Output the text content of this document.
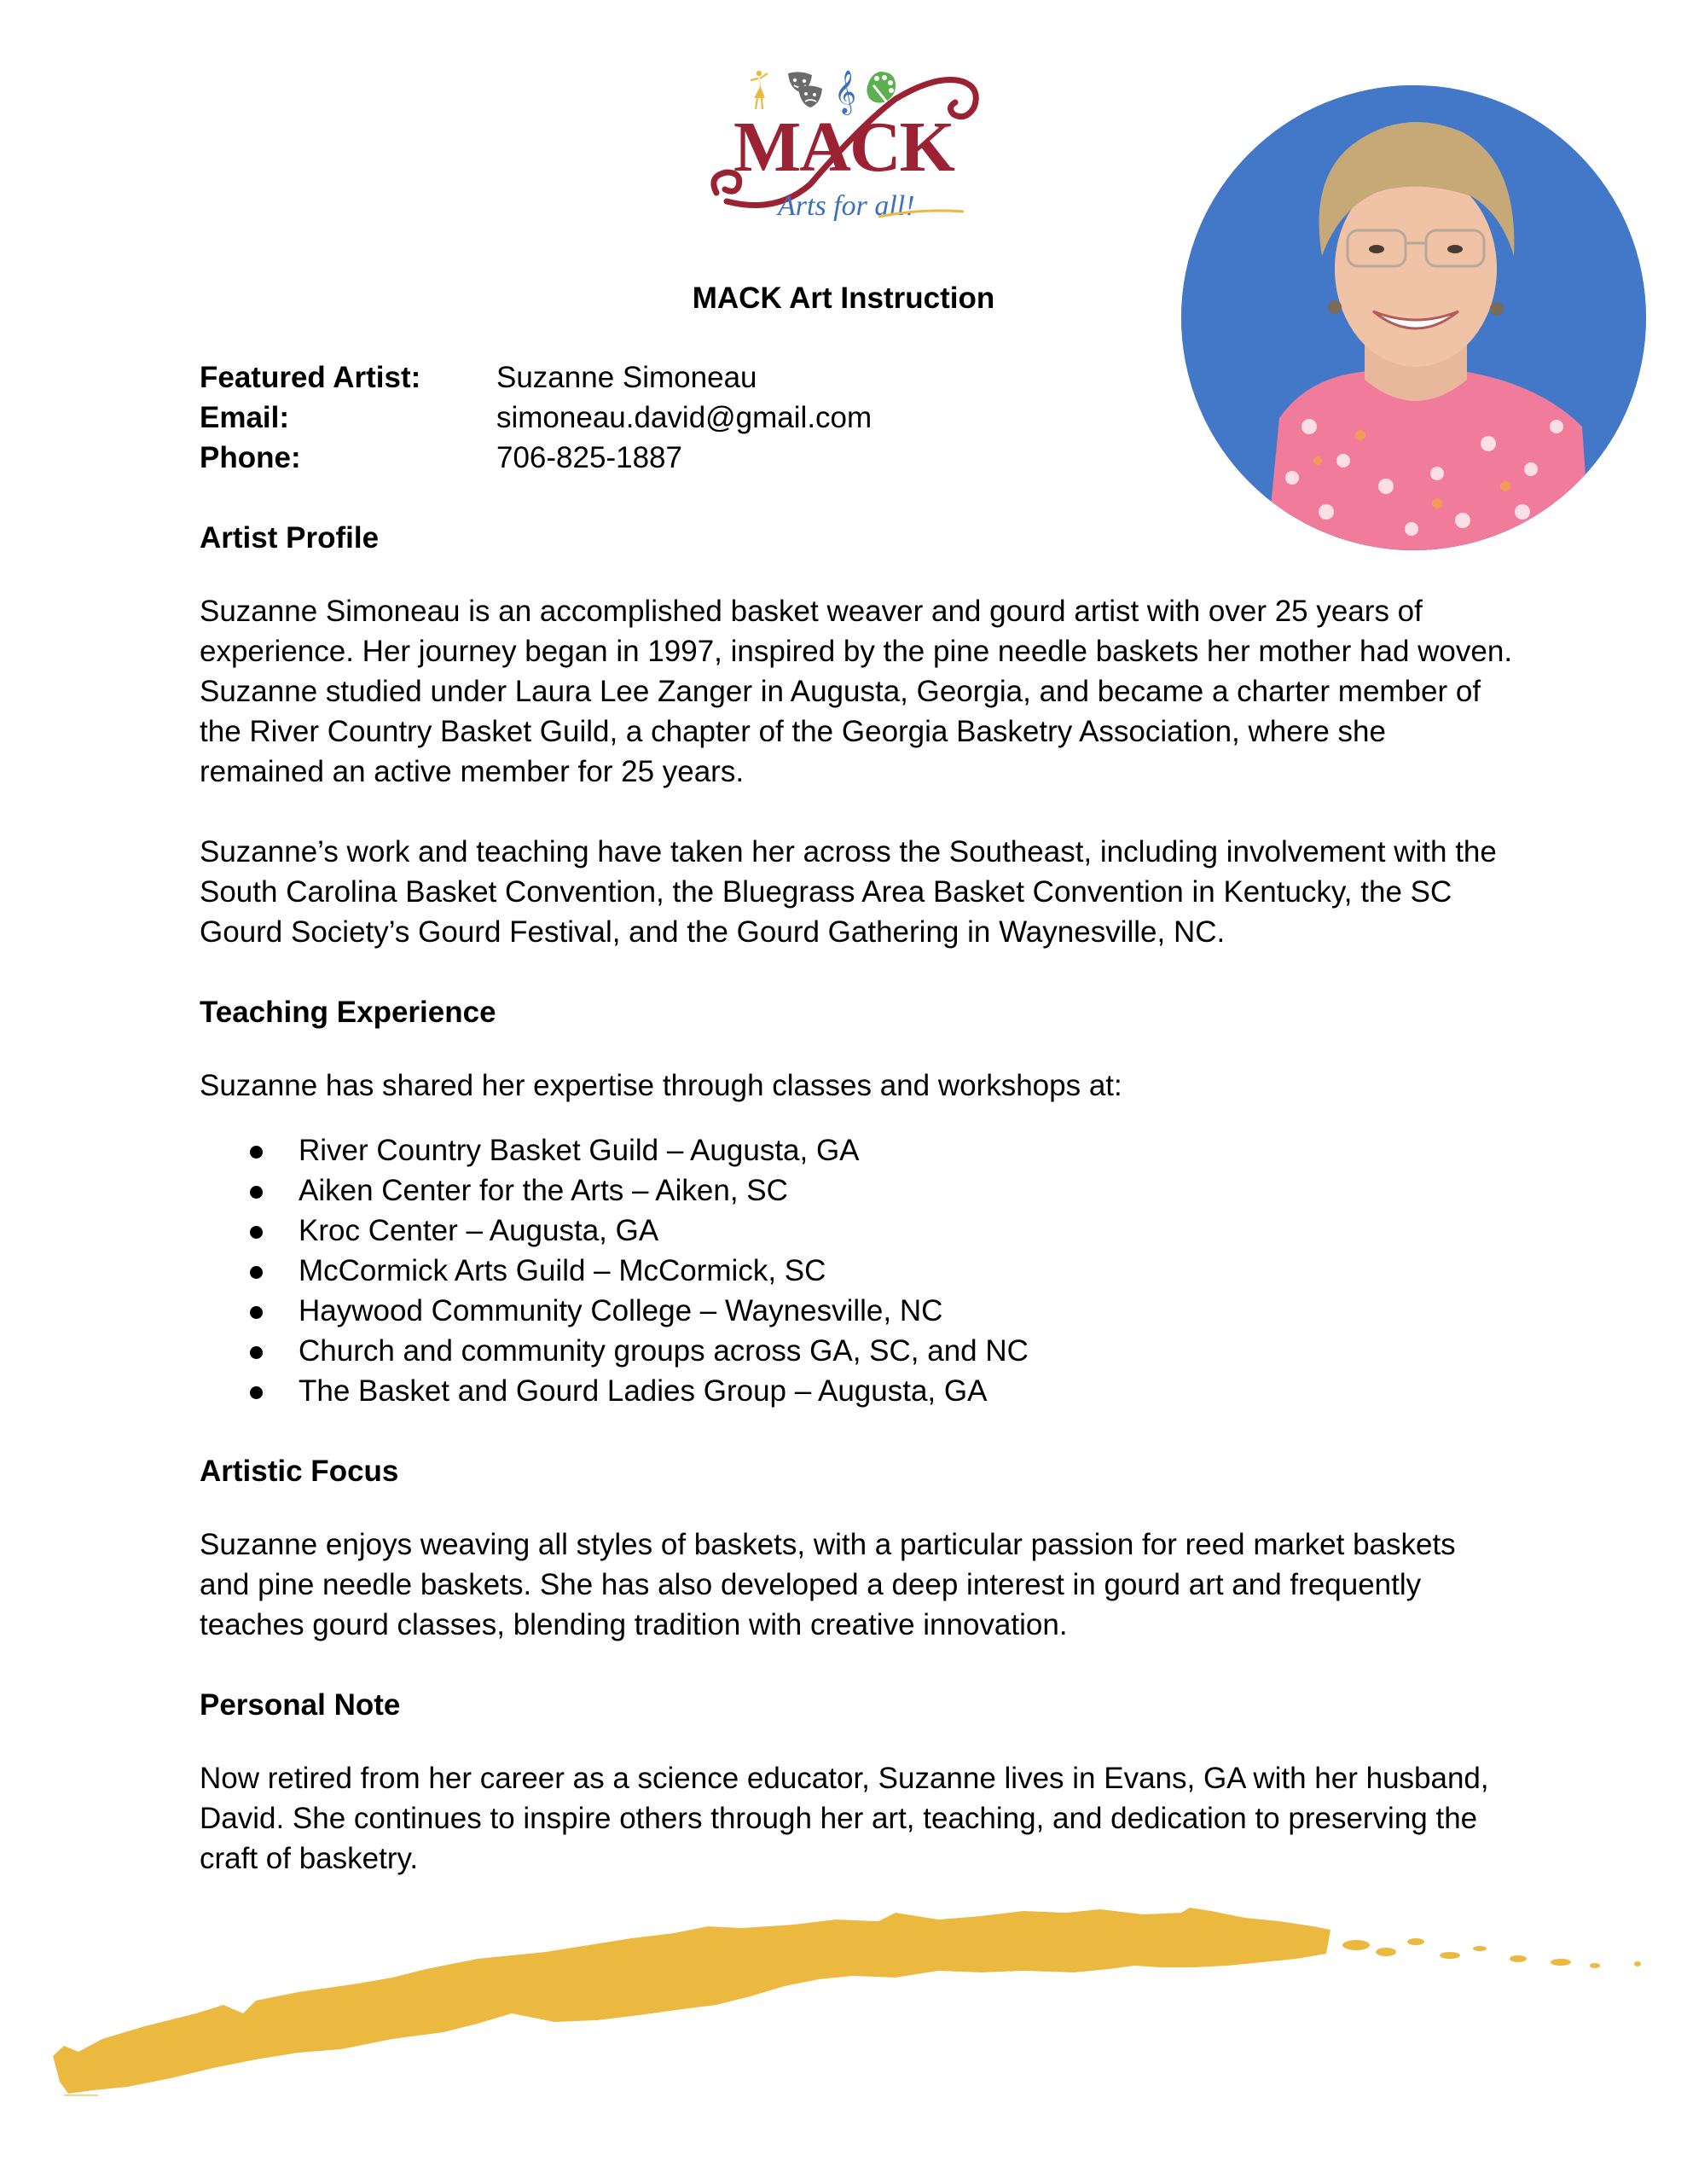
𝄞
MACK
Arts for all!
MACK Art Instruction
Featured Artist:	Suzanne Simoneau
Email:	simoneau.david@gmail.com
Phone:	706-825-1887
Artist Profile

Suzanne Simoneau is an accomplished basket weaver and gourd artist with over 25 years of experience. Her journey began in 1997, inspired by the pine needle baskets her mother had woven. Suzanne studied under Laura Lee Zanger in Augusta, Georgia, and became a charter member of the River Country Basket Guild, a chapter of the Georgia Basketry Association, where she remained an active member for 25 years.

Suzanne’s work and teaching have taken her across the Southeast, including involvement with the South Carolina Basket Convention, the Bluegrass Area Basket Convention in Kentucky, the SC Gourd Society’s Gourd Festival, and the Gourd Gathering in Waynesville, NC.

Teaching Experience

Suzanne has shared her expertise through classes and workshops at:

River Country Basket Guild – Augusta, GA
Aiken Center for the Arts – Aiken, SC
Kroc Center – Augusta, GA
McCormick Arts Guild – McCormick, SC
Haywood Community College – Waynesville, NC
Church and community groups across GA, SC, and NC
The Basket and Gourd Ladies Group – Augusta, GA
Artistic Focus

Suzanne enjoys weaving all styles of baskets, with a particular passion for reed market baskets and pine needle baskets. She has also developed a deep interest in gourd art and frequently teaches gourd classes, blending tradition with creative innovation.

Personal Note

Now retired from her career as a science educator, Suzanne lives in Evans, GA with her husband, David. She continues to inspire others through her art, teaching, and dedication to preserving the craft of basketry.
